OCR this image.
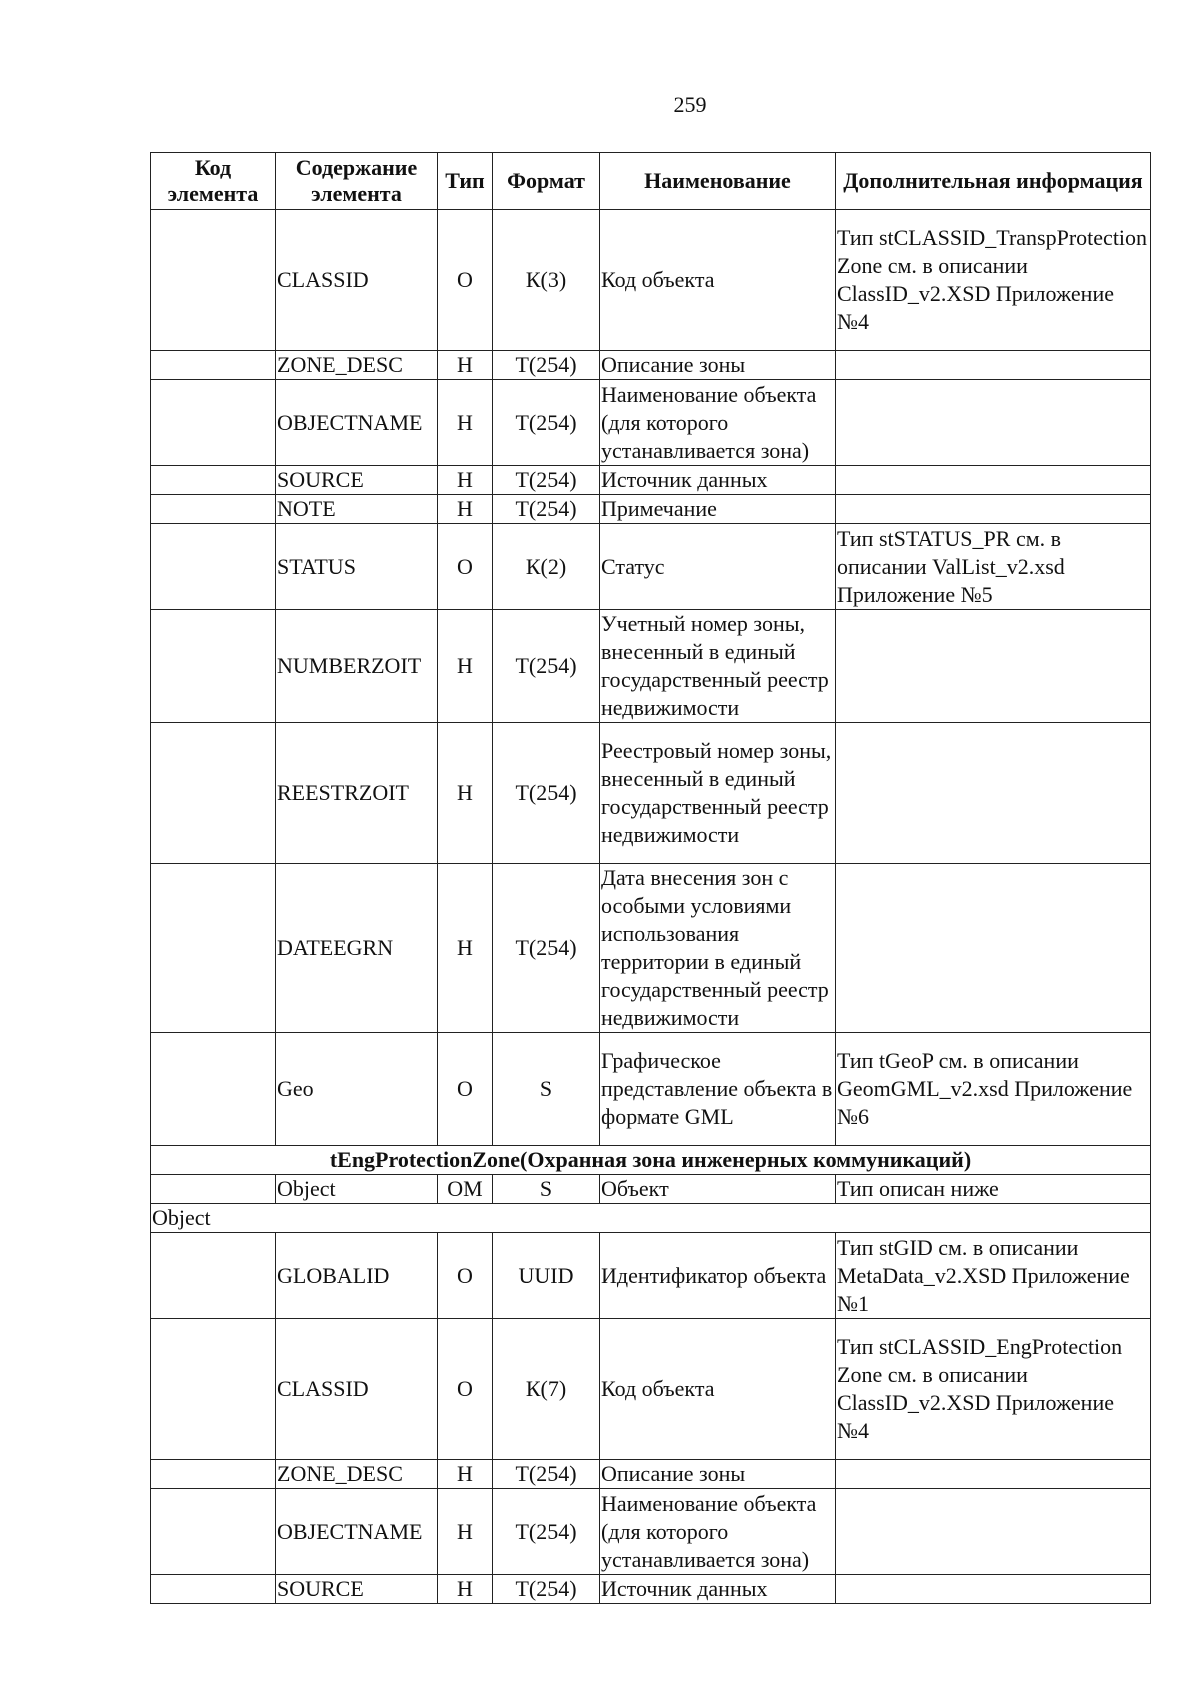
259
Код элемента	Содержание элемента	Тип	Формат	Наименование	Дополнительная информация
	CLASSID	О	К(3)	Код объекта	Тип stCLASSID_TranspProtection Zone см. в описании ClassID_v2.XSD Приложение №4
	ZONE_DESC	Н	Т(254)	Описание зоны	
	OBJECTNAME	Н	Т(254)	Наименование объекта (для которого устанавливается зона)	
	SOURCE	Н	Т(254)	Источник данных	
	NOTE	Н	Т(254)	Примечание	
	STATUS	О	К(2)	Статус	Тип stSTATUS_PR см. в описании ValList_v2.xsd Приложение №5
	NUMBERZOIT	Н	Т(254)	Учетный номер зоны, внесенный в единый государственный реестр недвижимости	
	REESTRZOIT	Н	Т(254)	Реестровый номер зоны, внесенный в единый государственный реестр недвижимости	
	DATEEGRN	Н	Т(254)	Дата внесения зон с особыми условиями использования территории в единый государственный реестр недвижимости	
	Geo	О	S	Графическое представление объекта в формате GML	Тип tGeoP см. в описании GeomGML_v2.xsd Приложение №6
tEngProtectionZone(Охранная зона инженерных коммуникаций)					
	Object	ОМ	S	Объект	Тип описан ниже
Object					
	GLOBALID	О	UUID	Идентификатор объекта	Тип stGID см. в описании MetaData_v2.XSD Приложение №1
	CLASSID	О	К(7)	Код объекта	Тип stCLASSID_EngProtection Zone см. в описании ClassID_v2.XSD Приложение №4
	ZONE_DESC	Н	Т(254)	Описание зоны	
	OBJECTNAME	Н	Т(254)	Наименование объекта (для которого устанавливается зона)	
	SOURCE	Н	Т(254)	Источник данных	
